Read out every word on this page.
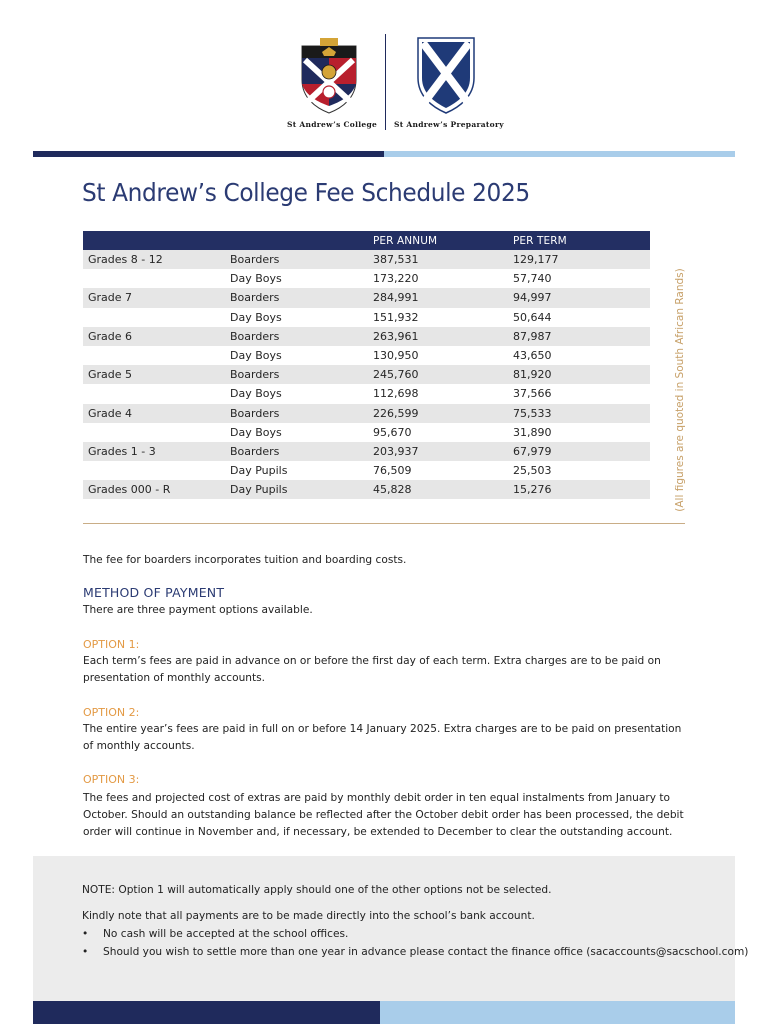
St Andrew’s College St Andrew’s Preparatory
St Andrew’s College Fee Schedule 2025
		PER ANNUM	PER TERM
Grades 8 - 12	Boarders	387,531	129,177
	Day Boys	173,220	57,740
Grade 7	Boarders	284,991	94,997
	Day Boys	151,932	50,644
Grade 6	Boarders	263,961	87,987
	Day Boys	130,950	43,650
Grade 5	Boarders	245,760	81,920
	Day Boys	112,698	37,566
Grade 4	Boarders	226,599	75,533
	Day Boys	95,670	31,890
Grades 1 - 3	Boarders	203,937	67,979
	Day Pupils	76,509	25,503
Grades 000 - R	Day Pupils	45,828	15,276	(All figures are quoted in South African Rands)

The fee for boarders incorporates tuition and boarding costs.

METHOD OF PAYMENT

There are three payment options available.

OPTION 1:

Each term’s fees are paid in advance on or before the first day of each term. Extra charges are to be paid on presentation of monthly accounts.

OPTION 2:

The entire year’s fees are paid in full on or before 14 January 2025. Extra charges are to be paid on presentation of monthly accounts.

OPTION 3:

The fees and projected cost of extras are paid by monthly debit order in ten equal instalments from January to October. Should an outstanding balance be reflected after the October debit order has been processed, the debit order will continue in November and, if necessary, be extended to December to clear the outstanding account.

NOTE: Option 1 will automatically apply should one of the other options not be selected.

Kindly note that all payments are to be made directly into the school’s bank account.

• No cash will be accepted at the school offices.
• Should you wish to settle more than one year in advance please contact the finance office (sacaccounts@sacschool.com)
